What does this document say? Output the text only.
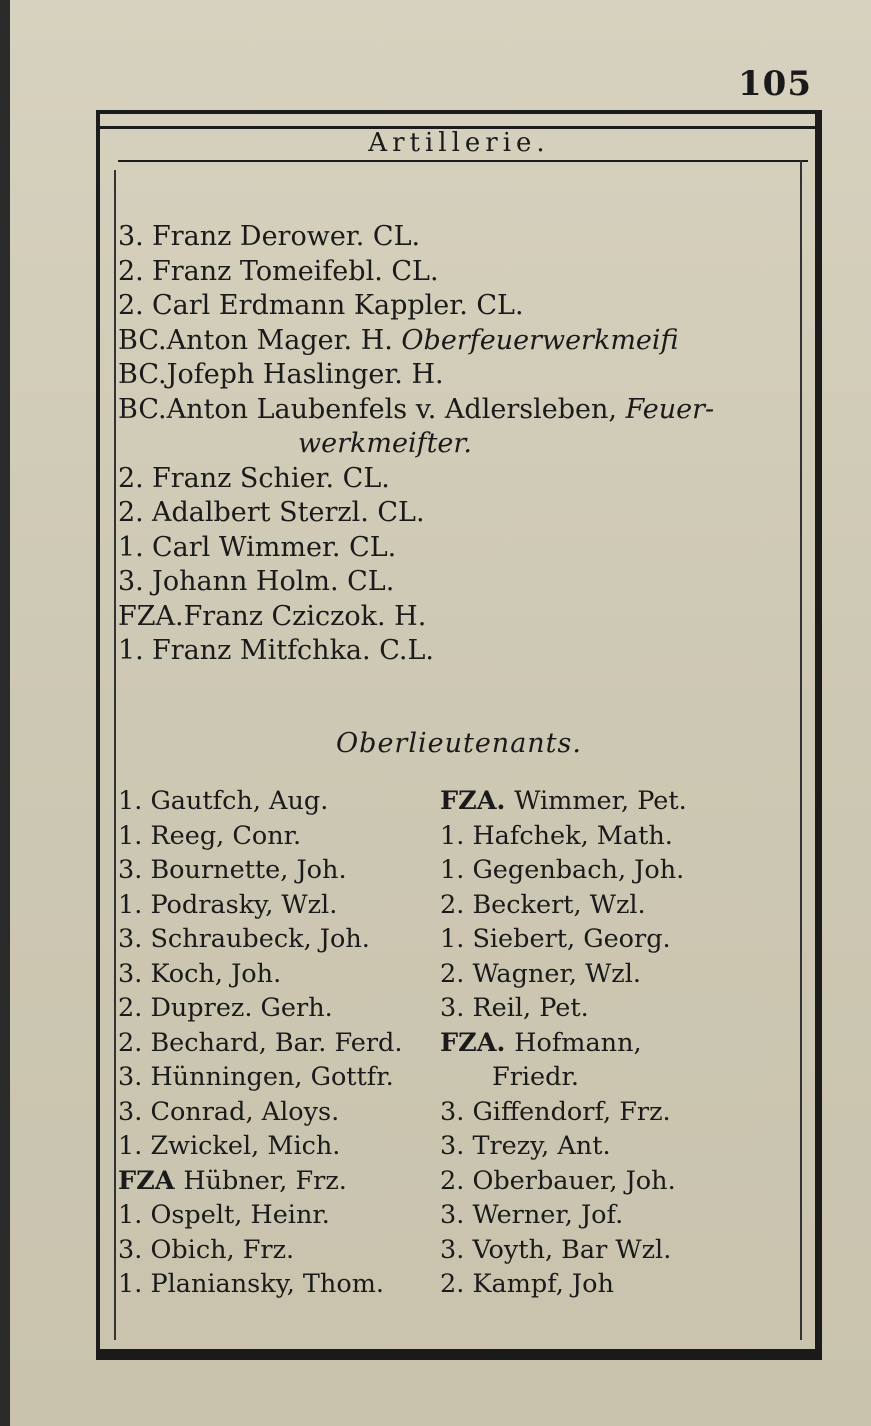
105
Artillerie.
3.Franz Derower. CL.
2.Franz Tomeifebl. CL.
2.Carl Erdmann Kappler. CL.
BC.Anton Mager. H. Oberfeuerwerkmeifi
BC.Jofeph Haslinger. H.
BC.Anton Laubenfels v. Adlersleben, Feuer-
werkmeifter.
2.Franz Schier. CL.
2.Adalbert Sterzl. CL.
1.Carl Wimmer. CL.
3.Johann Holm. CL.
FZA.Franz Cziczok. H.
1.Franz Mitfchka. C.L.
Oberlieutenants.
1. Gautfch, Aug.
1. Reeg, Conr.
3. Bournette, Joh.
1. Podrasky, Wzl.
3. Schraubeck, Joh.
3. Koch, Joh.
2. Duprez. Gerh.
2. Bechard, Bar. Ferd.
3. Hünningen, Gottfr.
3. Conrad, Aloys.
1. Zwickel, Mich.
FZA Hübner, Frz.
1. Ospelt, Heinr.
3. Obich, Frz.
1. Planiansky, Thom.
FZA. Wimmer, Pet.
1. Hafchek, Math.
1. Gegenbach, Joh.
2. Beckert, Wzl.
1. Siebert, Georg.
2. Wagner, Wzl.
3. Reil, Pet.
FZA. Hofmann,
Friedr.
3. Giffendorf, Frz.
3. Trezy, Ant.
2. Oberbauer, Joh.
3. Werner, Jof.
3. Voyth, Bar Wzl.
2. Kampf, Joh
